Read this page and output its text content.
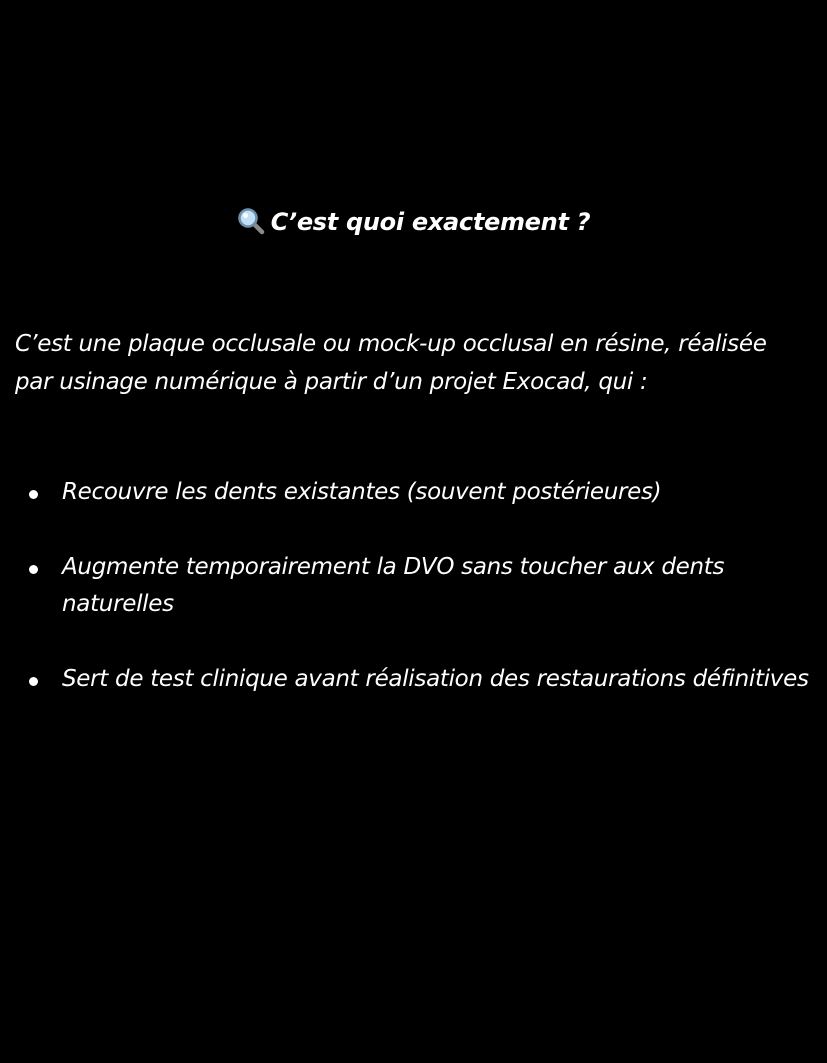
C’est quoi exactement ?
C’est une plaque occlusale ou mock-up occlusal en résine, réalisée par usinage numérique à partir d’un projet Exocad, qui :
Recouvre les dents existantes (souvent postérieures)
Augmente temporairement la DVO sans toucher aux dents naturelles
Sert de test clinique avant réalisation des restaurations définitives
